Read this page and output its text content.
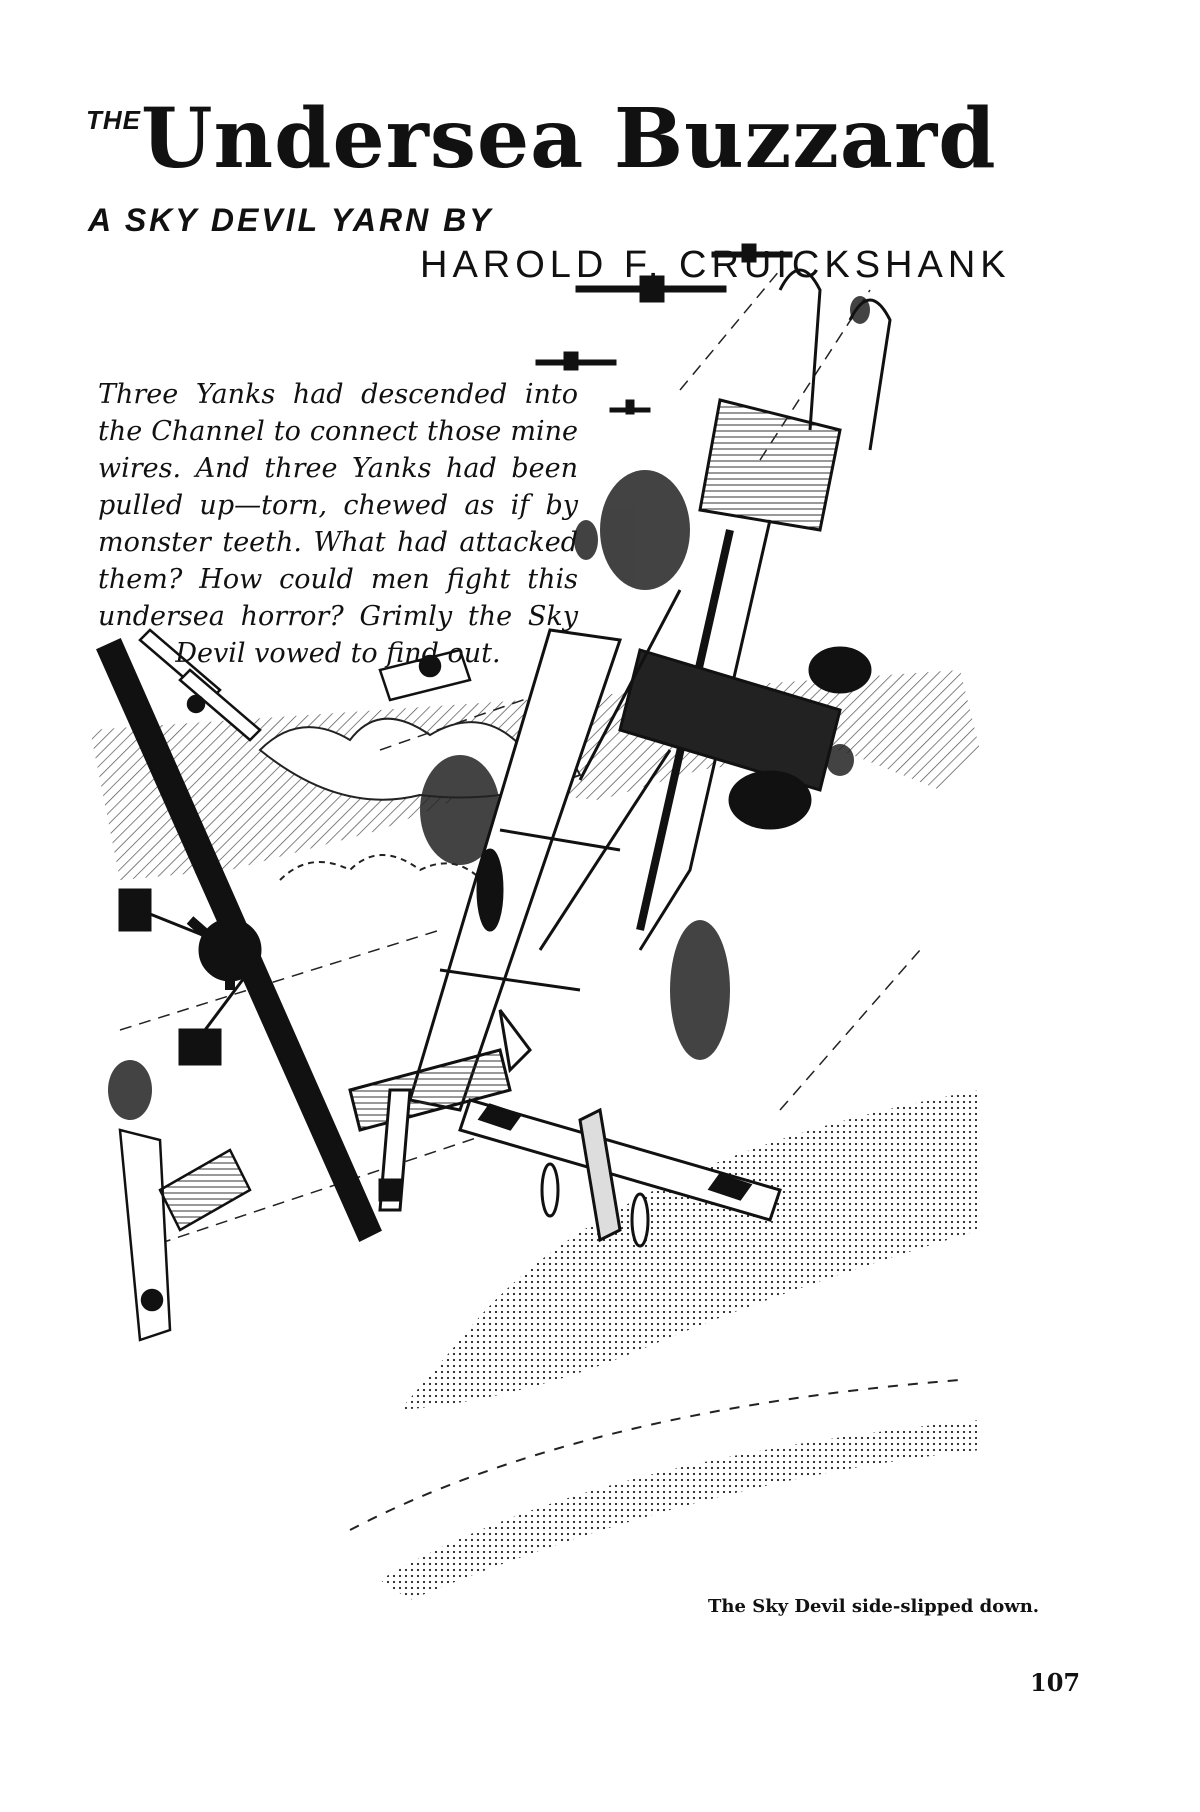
THEUndersea Buzzard
A SKY DEVIL YARN BY
HAROLD F. CRUICKSHANK
Three Yanks had descended into the Channel to connect those mine wires. And three Yanks had been pulled up—torn, chewed as if by monster teeth. What had attacked them? How could men fight this undersea horror? Grimly the Sky Devil vowed to find out.
The Sky Devil side-slipped down.
107
